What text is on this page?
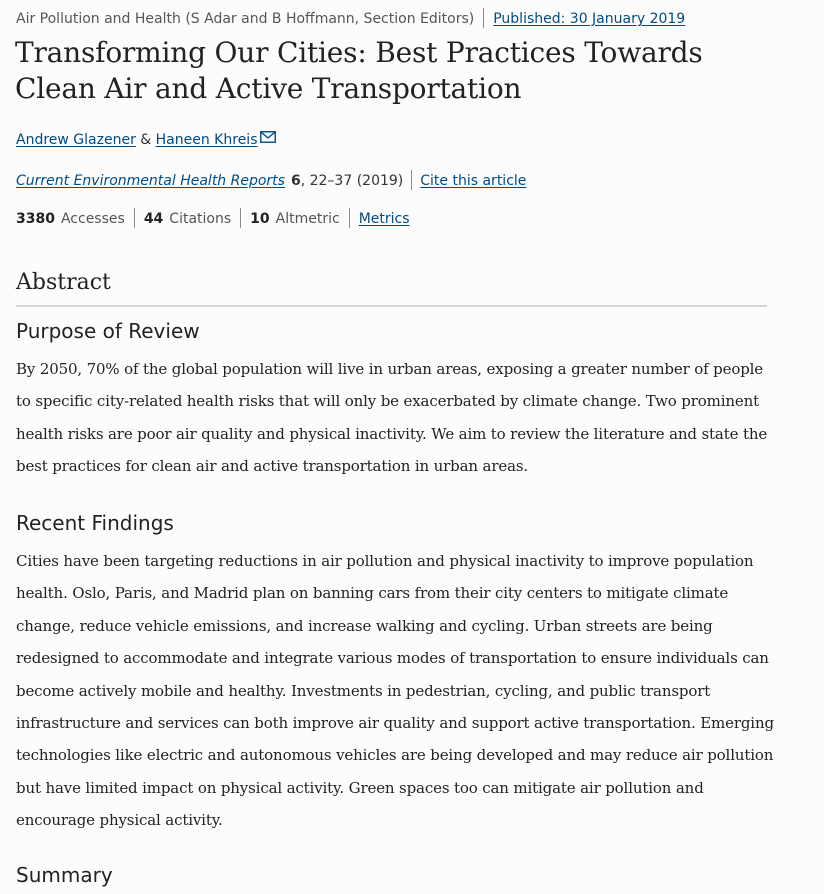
Air Pollution and Health (S Adar and B Hoffmann, Section Editors) Published: 30 January 2019
Transforming Our Cities: Best Practices Towards Clean Air and Active Transportation
Andrew Glazener & Haneen Khreis
Current Environmental Health Reports 6, 22–37 (2019) Cite this article
3380 Accesses 44 Citations 10 Altmetric Metrics
Abstract
Purpose of Review

By 2050, 70% of the global population will live in urban areas, exposing a greater number of people to specific city-related health risks that will only be exacerbated by climate change. Two prominent health risks are poor air quality and physical inactivity. We aim to review the literature and state the best practices for clean air and active transportation in urban areas.

Recent Findings

Cities have been targeting reductions in air pollution and physical inactivity to improve population health. Oslo, Paris, and Madrid plan on banning cars from their city centers to mitigate climate change, reduce vehicle emissions, and increase walking and cycling. Urban streets are being redesigned to accommodate and integrate various modes of transportation to ensure individuals can become actively mobile and healthy. Investments in pedestrian, cycling, and public transport infrastructure and services can both improve air quality and support active transportation. Emerging technologies like electric and autonomous vehicles are being developed and may reduce air pollution but have limited impact on physical activity. Green spaces too can mitigate air pollution and encourage physical activity.

Summary
